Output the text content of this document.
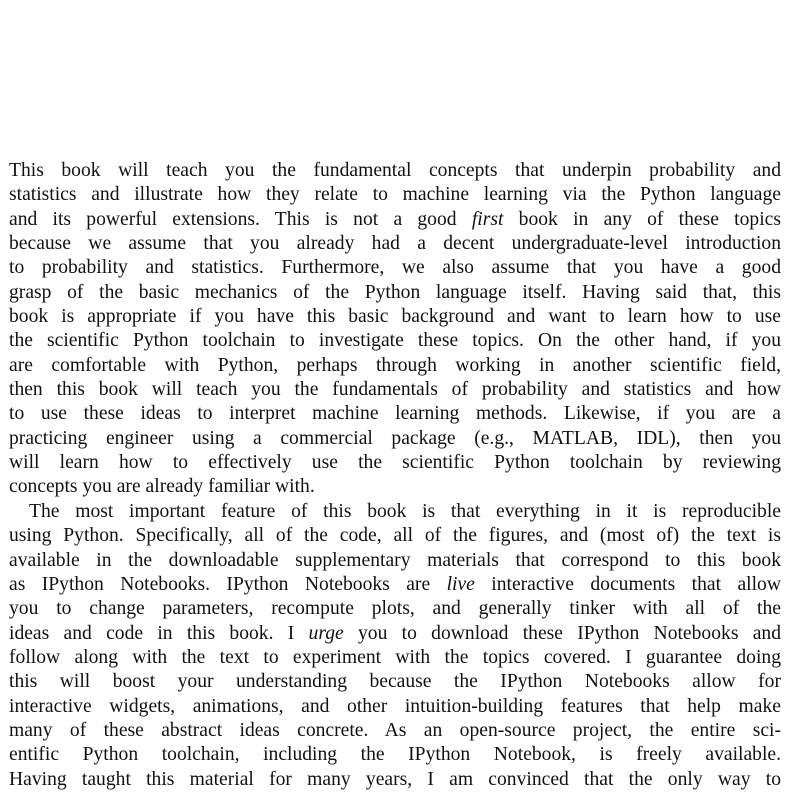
This book will teach you the fundamental concepts that underpin probability and
statistics and illustrate how they relate to machine learning via the Python language
and its powerful extensions. This is not a good first book in any of these topics
because we assume that you already had a decent undergraduate-level introduction
to probability and statistics. Furthermore, we also assume that you have a good
grasp of the basic mechanics of the Python language itself. Having said that, this
book is appropriate if you have this basic background and want to learn how to use
the scientific Python toolchain to investigate these topics. On the other hand, if you
are comfortable with Python, perhaps through working in another scientific field,
then this book will teach you the fundamentals of probability and statistics and how
to use these ideas to interpret machine learning methods. Likewise, if you are a
practicing engineer using a commercial package (e.g., MATLAB, IDL), then you
will learn how to effectively use the scientific Python toolchain by reviewing
concepts you are already familiar with.
The most important feature of this book is that everything in it is reproducible
using Python. Specifically, all of the code, all of the figures, and (most of) the text is
available in the downloadable supplementary materials that correspond to this book
as IPython Notebooks. IPython Notebooks are live interactive documents that allow
you to change parameters, recompute plots, and generally tinker with all of the
ideas and code in this book. I urge you to download these IPython Notebooks and
follow along with the text to experiment with the topics covered. I guarantee doing
this will boost your understanding because the IPython Notebooks allow for
interactive widgets, animations, and other intuition-building features that help make
many of these abstract ideas concrete. As an open-source project, the entire sci-
entific Python toolchain, including the IPython Notebook, is freely available.
Having taught this material for many years, I am convinced that the only way to
